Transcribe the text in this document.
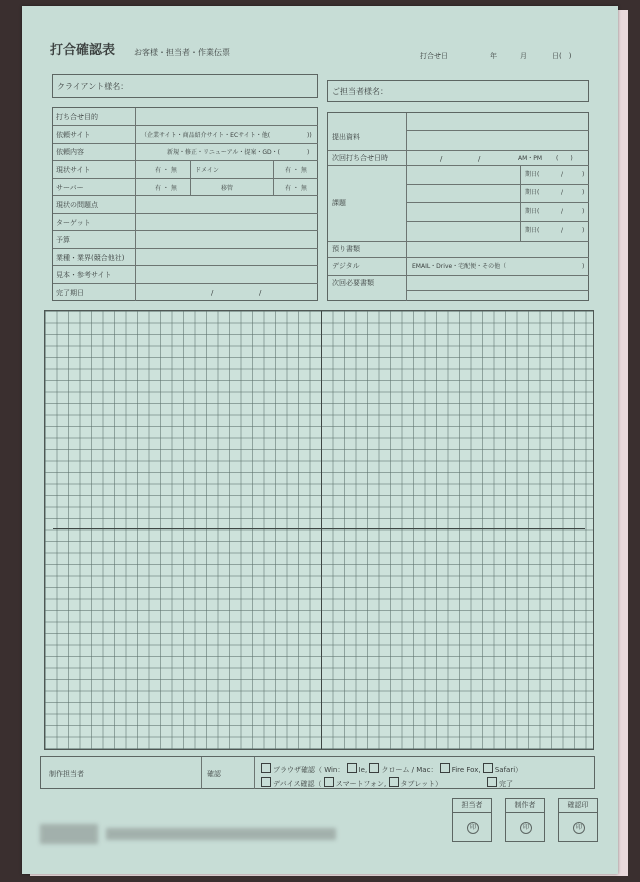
打合確認表 お客様・担当者・作業伝票	打合せ日	年	月	日(　)
クライアント様名：
ご担当者様名：
打ち合せ目的
依頼サイト	（企業サイト・商品紹介サイト・ECサイト・他(	))
依頼内容	新規・修正・リニューアル・提案・GD・(	)
現状サイト	有 ・ 無	ドメイン	有 ・ 無
サーバー	有 ・ 無	移管	有 ・ 無
現状の問題点
ターゲット
予算
業種・業界(競合他社)
見本・参考サイト
完了期日	/	/
提出資料
次回打ち合せ日時	/	/	AM・PM (　　)
課題
期日(	/	)
期日(	/	)
期日(	/	)
期日(	/	)
預り書類
デジタル	EMAIL・Drive・宅配便・その他（	)
次回必要書類
制作担当者	確認	ブラウザ確認（ Win： Ie, クローム / Mac： Fire Fox, Safari）
デバイス確認（ スマートフォン, タブレット）	完了
担当者
印
制作者
印
確認印
印
